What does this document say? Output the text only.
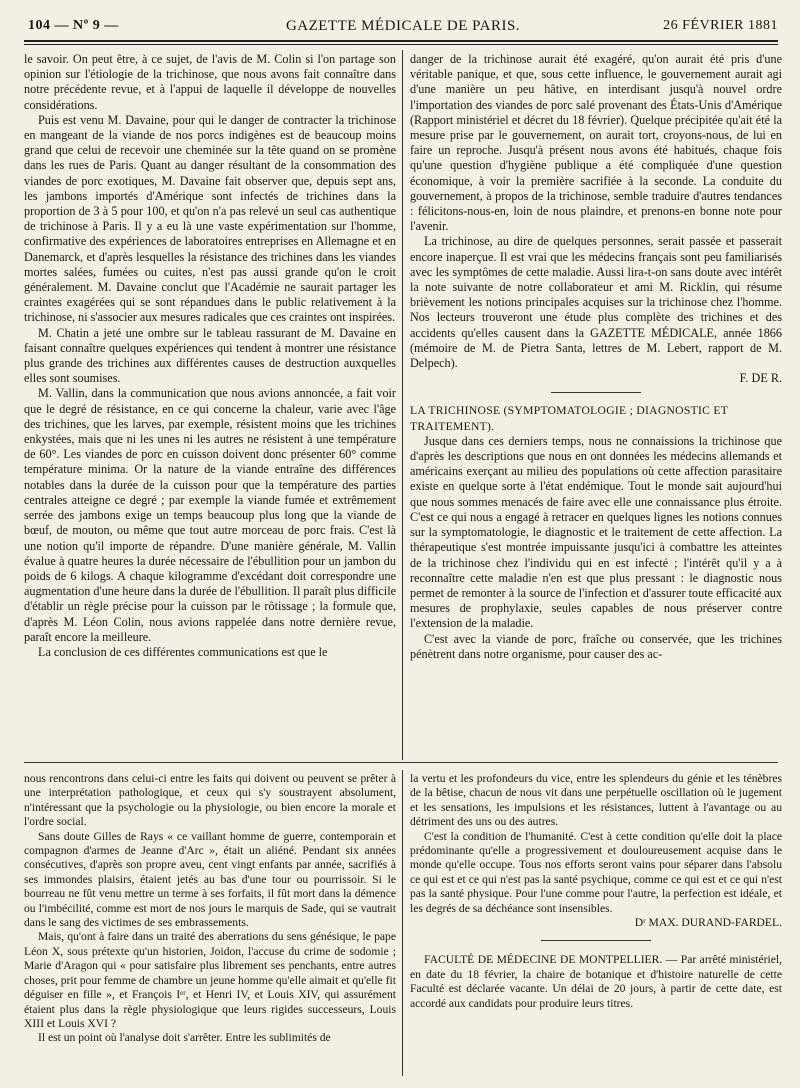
104 — Nº 9 —	GAZETTE MÉDICALE DE PARIS.	26 FÉVRIER 1881

le savoir. On peut être, à ce sujet, de l'avis de M. Colin si l'on partage son opinion sur l'étiologie de la trichinose, que nous avons fait connaître dans notre précédente revue, et à l'appui de laquelle il développe de nouvelles considérations.

Puis est venu M. Davaine, pour qui le danger de contracter la trichinose en mangeant de la viande de nos porcs indigènes est de beaucoup moins grand que celui de recevoir une cheminée sur la tête quand on se promène dans les rues de Paris. Quant au danger résultant de la consommation des viandes de porc exotiques, M. Davaine fait observer que, depuis sept ans, les jambons importés d'Amérique sont infectés de trichines dans la proportion de 3 à 5 pour 100, et qu'on n'a pas relevé un seul cas authentique de trichinose à Paris. Il y a eu là une vaste expérimentation sur l'homme, confirmative des expériences de laboratoires entreprises en Allemagne et en Danemarck, et d'après lesquelles la résistance des trichines dans les viandes mortes salées, fumées ou cuites, n'est pas aussi grande qu'on le croit généralement. M. Davaine conclut que l'Académie ne saurait partager les craintes exagérées qui se sont répandues dans le public relativement à la trichinose, ni s'associer aux mesures radicales que ces craintes ont inspirées.

M. Chatin a jeté une ombre sur le tableau rassurant de M. Davaine en faisant connaître quelques expériences qui tendent à montrer une résistance plus grande des trichines aux différentes causes de destruction auxquelles elles sont soumises.

M. Vallin, dans la communication que nous avions annoncée, a fait voir que le degré de résistance, en ce qui concerne la chaleur, varie avec l'âge des trichines, que les larves, par exemple, résistent moins que les trichines enkystées, mais que ni les unes ni les autres ne résistent à une température de 60°. Les viandes de porc en cuisson doivent donc présenter 60° comme température minima. Or la nature de la viande entraîne des différences notables dans la durée de la cuisson pour que la température des parties centrales atteigne ce degré ; par exemple la viande fumée et extrêmement serrée des jambons exige un temps beaucoup plus long que la viande de bœuf, de mouton, ou même que tout autre morceau de porc frais. C'est là une notion qu'il importe de répandre. D'une manière générale, M. Vallin évalue à quatre heures la durée nécessaire de l'ébullition pour un jambon du poids de 6 kilogs. A chaque kilogramme d'excédant doit correspondre une augmentation d'une heure dans la durée de l'ébullition. Il paraît plus difficile d'établir un règle précise pour la cuisson par le rôtissage ; la formule que, d'après M. Léon Colin, nous avions rappelée dans notre dernière revue, paraît encore la meilleure.

La conclusion de ces différentes communications est que le

danger de la trichinose aurait été exagéré, qu'on aurait été pris d'une véritable panique, et que, sous cette influence, le gouvernement aurait agi d'une manière un peu hâtive, en interdisant jusqu'à nouvel ordre l'importation des viandes de porc salé provenant des États-Unis d'Amérique (Rapport ministériel et décret du 18 février). Quelque précipitée qu'ait été la mesure prise par le gouvernement, on aurait tort, croyons-nous, de lui en faire un reproche. Jusqu'à présent nous avons été habitués, chaque fois qu'une question d'hygiène publique a été compliquée d'une question économique, à voir la première sacrifiée à la seconde. La conduite du gouvernement, à propos de la trichinose, semble traduire d'autres tendances : félicitons-nous-en, loin de nous plaindre, et prenons-en bonne note pour l'avenir.

La trichinose, au dire de quelques personnes, serait passée et passerait encore inaperçue. Il est vrai que les médecins français sont peu familiarisés avec les symptômes de cette maladie. Aussi lira-t-on sans doute avec intérêt la note suivante de notre collaborateur et ami M. Ricklin, qui résume brièvement les notions principales acquises sur la trichinose chez l'homme. Nos lecteurs trouveront une étude plus complète des trichines et des accidents qu'elles causent dans la GAZETTE MÉDICALE, année 1866 (mémoire de M. de Pietra Santa, lettres de M. Lebert, rapport de M. Delpech).

F. DE R.

LA TRICHINOSE (SYMPTOMATOLOGIE ; DIAGNOSTIC ET TRAITEMENT).

Jusque dans ces derniers temps, nous ne connaissions la trichinose que d'après les descriptions que nous en ont données les médecins allemands et américains exerçant au milieu des populations où cette affection parasitaire existe en quelque sorte à l'état endémique. Tout le monde sait aujourd'hui que nous sommes menacés de faire avec elle une connaissance plus étroite. C'est ce qui nous a engagé à retracer en quelques lignes les notions connues sur la symptomatologie, le diagnostic et le traitement de cette affection. La thérapeutique s'est montrée impuissante jusqu'ici à combattre les atteintes de la trichinose chez l'individu qui en est infecté ; l'intérêt qu'il y a à reconnaître cette maladie n'en est que plus pressant : le diagnostic nous permet de remonter à la source de l'infection et d'assurer toute efficacité aux mesures de prophylaxie, seules capables de nous préserver contre l'extension de la maladie.

C'est avec la viande de porc, fraîche ou conservée, que les trichines pénètrent dans notre organisme, pour causer des ac-

nous rencontrons dans celui-ci entre les faits qui doivent ou peuvent se prêter à une interprétation pathologique, et ceux qui s'y soustrayent absolument, n'intéressant que la psychologie ou la physiologie, ou bien encore la morale et l'ordre social.

Sans doute Gilles de Rays « ce vaillant homme de guerre, contemporain et compagnon d'armes de Jeanne d'Arc », était un aliéné. Pendant six années consécutives, d'après son propre aveu, cent vingt enfants par année, sacrifiés à ses immondes plaisirs, étaient jetés au bas d'une tour ou pourrissoir. Si le bourreau ne fût venu mettre un terme à ses forfaits, il fût mort dans la démence ou l'imbécilité, comme est mort de nos jours le marquis de Sade, qui se vautrait dans le sang des victimes de ses embrassements.

Mais, qu'ont à faire dans un traité des aberrations du sens génésique, le pape Léon X, sous prétexte qu'un historien, Joidon, l'accuse du crime de sodomie ; Marie d'Aragon qui « pour satisfaire plus librement ses penchants, entre autres choses, prit pour femme de chambre un jeune homme qu'elle aimait et qu'elle fit déguiser en fille », et François Iᵉʳ, et Henri IV, et Louis XIV, qui assurément étaient plus dans la règle physiologique que leurs rigides successeurs, Louis XIII et Louis XVI ?

Il est un point où l'analyse doit s'arrêter. Entre les sublimités de

la vertu et les profondeurs du vice, entre les splendeurs du génie et les ténèbres de la bêtise, chacun de nous vit dans une perpétuelle oscillation où le jugement et les sensations, les impulsions et les résistances, luttent à l'avantage ou au détriment des uns ou des autres.

C'est la condition de l'humanité. C'est à cette condition qu'elle doit la place prédominante qu'elle a progressivement et douloureusement acquise dans le monde qu'elle occupe. Tous nos efforts seront vains pour séparer dans l'absolu ce qui est et ce qui n'est pas la santé psychique, comme ce qui est et ce qui n'est pas la santé physique. Pour l'une comme pour l'autre, la perfection est idéale, et les degrés de sa déchéance sont insensibles.

Dʳ MAX. DURAND-FARDEL.

FACULTÉ DE MÉDECINE DE MONTPELLIER. — Par arrêté ministériel, en date du 18 février, la chaire de botanique et d'histoire naturelle de cette Faculté est déclarée vacante. Un délai de 20 jours, à partir de cette date, est accordé aux candidats pour produire leurs titres.
